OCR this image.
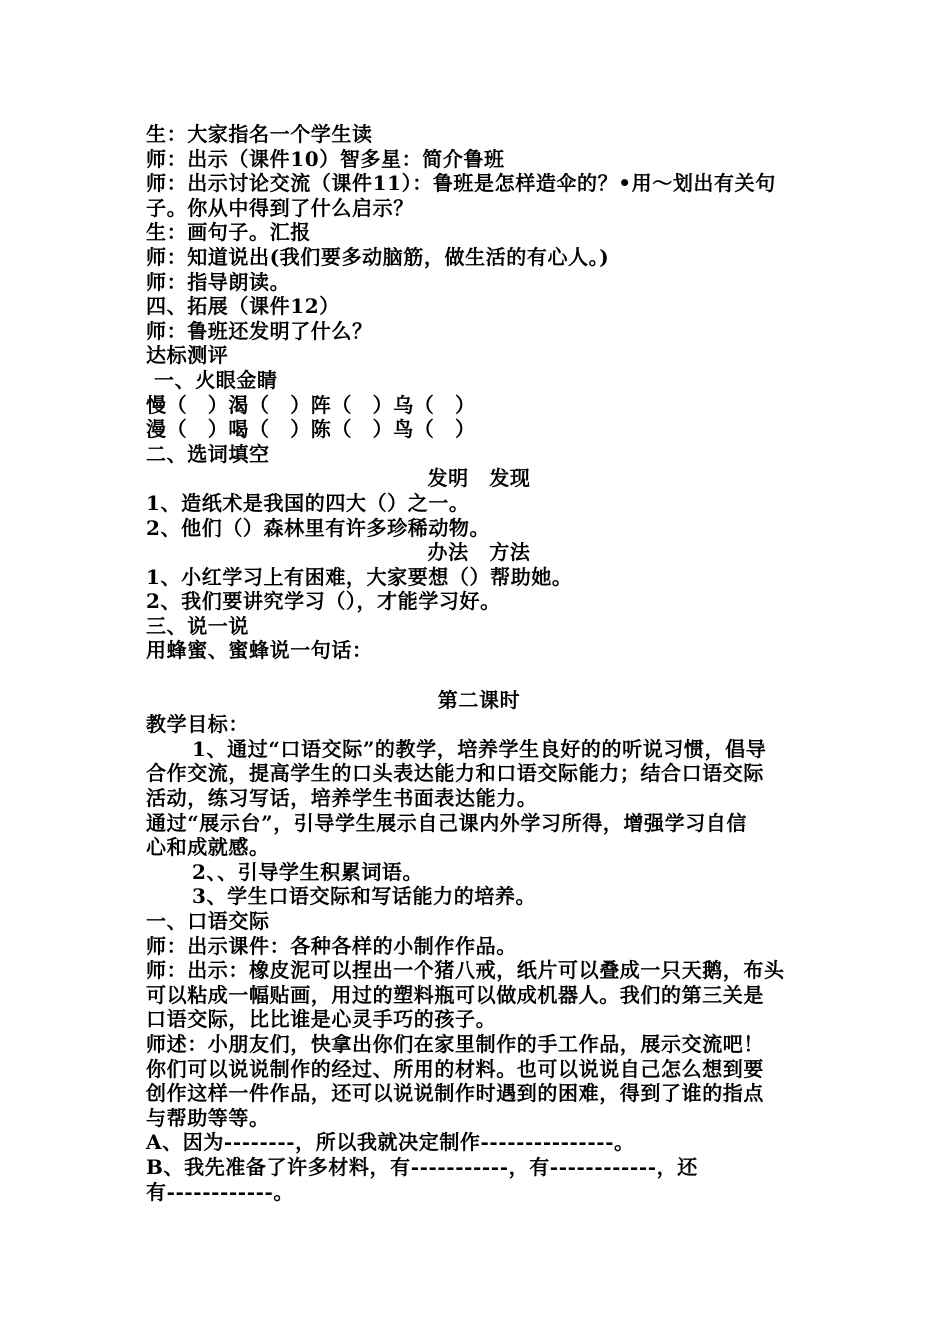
生：大家指名一个学生读
师：出示（课件10）智多星：简介鲁班
师：出示讨论交流（课件11）：鲁班是怎样造伞的？•用～划出有关句
子。你从中得到了什么启示？
生：画句子。汇报
师：知道说出(我们要多动脑筋，做生活的有心人。)
师：指导朗读。
四、拓展（课件12）
师：鲁班还发明了什么？
达标测评
一、火眼金睛
慢（　）渴（　）阵（　）乌（　）
漫（　）喝（　）陈（　）鸟（　）
二、选词填空
发明　发现
1、造纸术是我国的四大（）之一。
2、他们（）森林里有许多珍稀动物。
办法　方法
1、小红学习上有困难，大家要想（）帮助她。
2、我们要讲究学习（），才能学习好。
三、说一说
用蜂蜜、蜜蜂说一句话：
第二课时
教学目标：
1、通过“口语交际”的教学，培养学生良好的的听说习惯，倡导
合作交流，提高学生的口头表达能力和口语交际能力；结合口语交际
活动，练习写话，培养学生书面表达能力。
通过“展示台”，引导学生展示自己课内外学习所得，增强学习自信
心和成就感。
2、、引导学生积累词语。
3、学生口语交际和写话能力的培养。
一、口语交际
师：出示课件：各种各样的小制作作品。
师：出示：橡皮泥可以捏出一个猪八戒，纸片可以叠成一只天鹅，布头
可以粘成一幅贴画，用过的塑料瓶可以做成机器人。我们的第三关是
口语交际，比比谁是心灵手巧的孩子。
师述：小朋友们，快拿出你们在家里制作的手工作品，展示交流吧！
你们可以说说制作的经过、所用的材料。也可以说说自己怎么想到要
创作这样一件作品，还可以说说制作时遇到的困难，得到了谁的指点
与帮助等等。
A、因为--------，所以我就决定制作---------------。
B、我先准备了许多材料，有-----------，有------------，还
有------------。
